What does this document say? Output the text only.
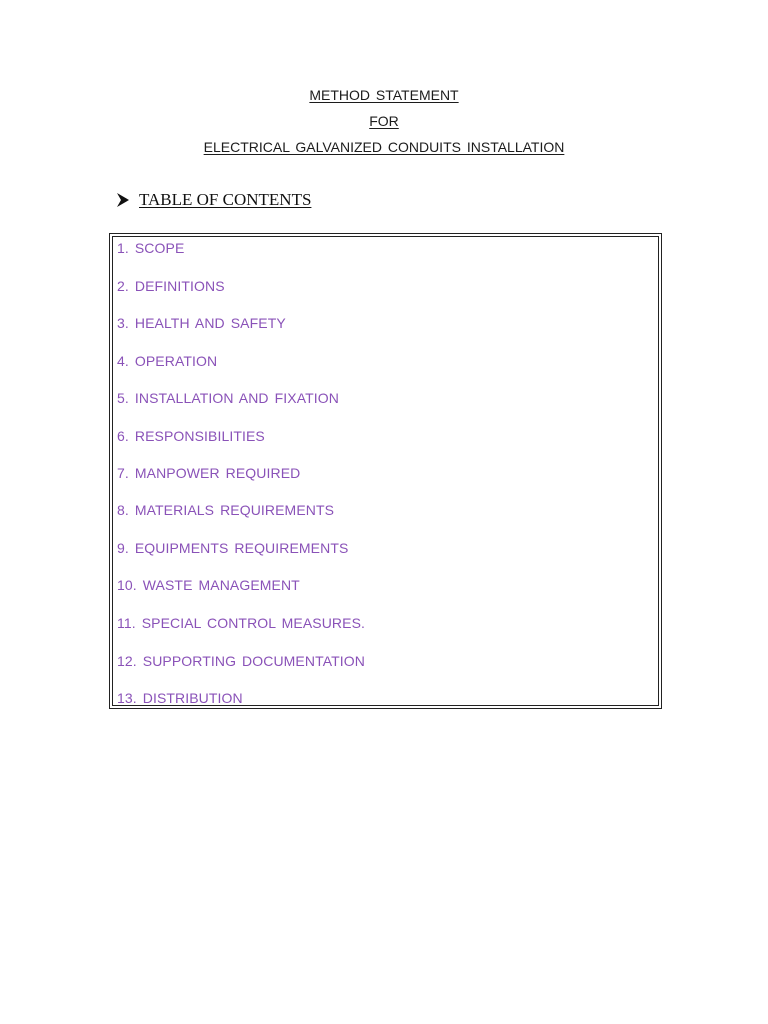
METHOD STATEMENT
FOR
ELECTRICAL GALVANIZED CONDUITS INSTALLATION
TABLE OF CONTENTS
1. SCOPE
2. DEFINITIONS
3. HEALTH AND SAFETY
4. OPERATION
5. INSTALLATION AND FIXATION
6. RESPONSIBILITIES
7. MANPOWER REQUIRED
8. MATERIALS REQUIREMENTS
9. EQUIPMENTS REQUIREMENTS
10. WASTE MANAGEMENT
11. SPECIAL CONTROL MEASURES.
12. SUPPORTING DOCUMENTATION
13. DISTRIBUTION
